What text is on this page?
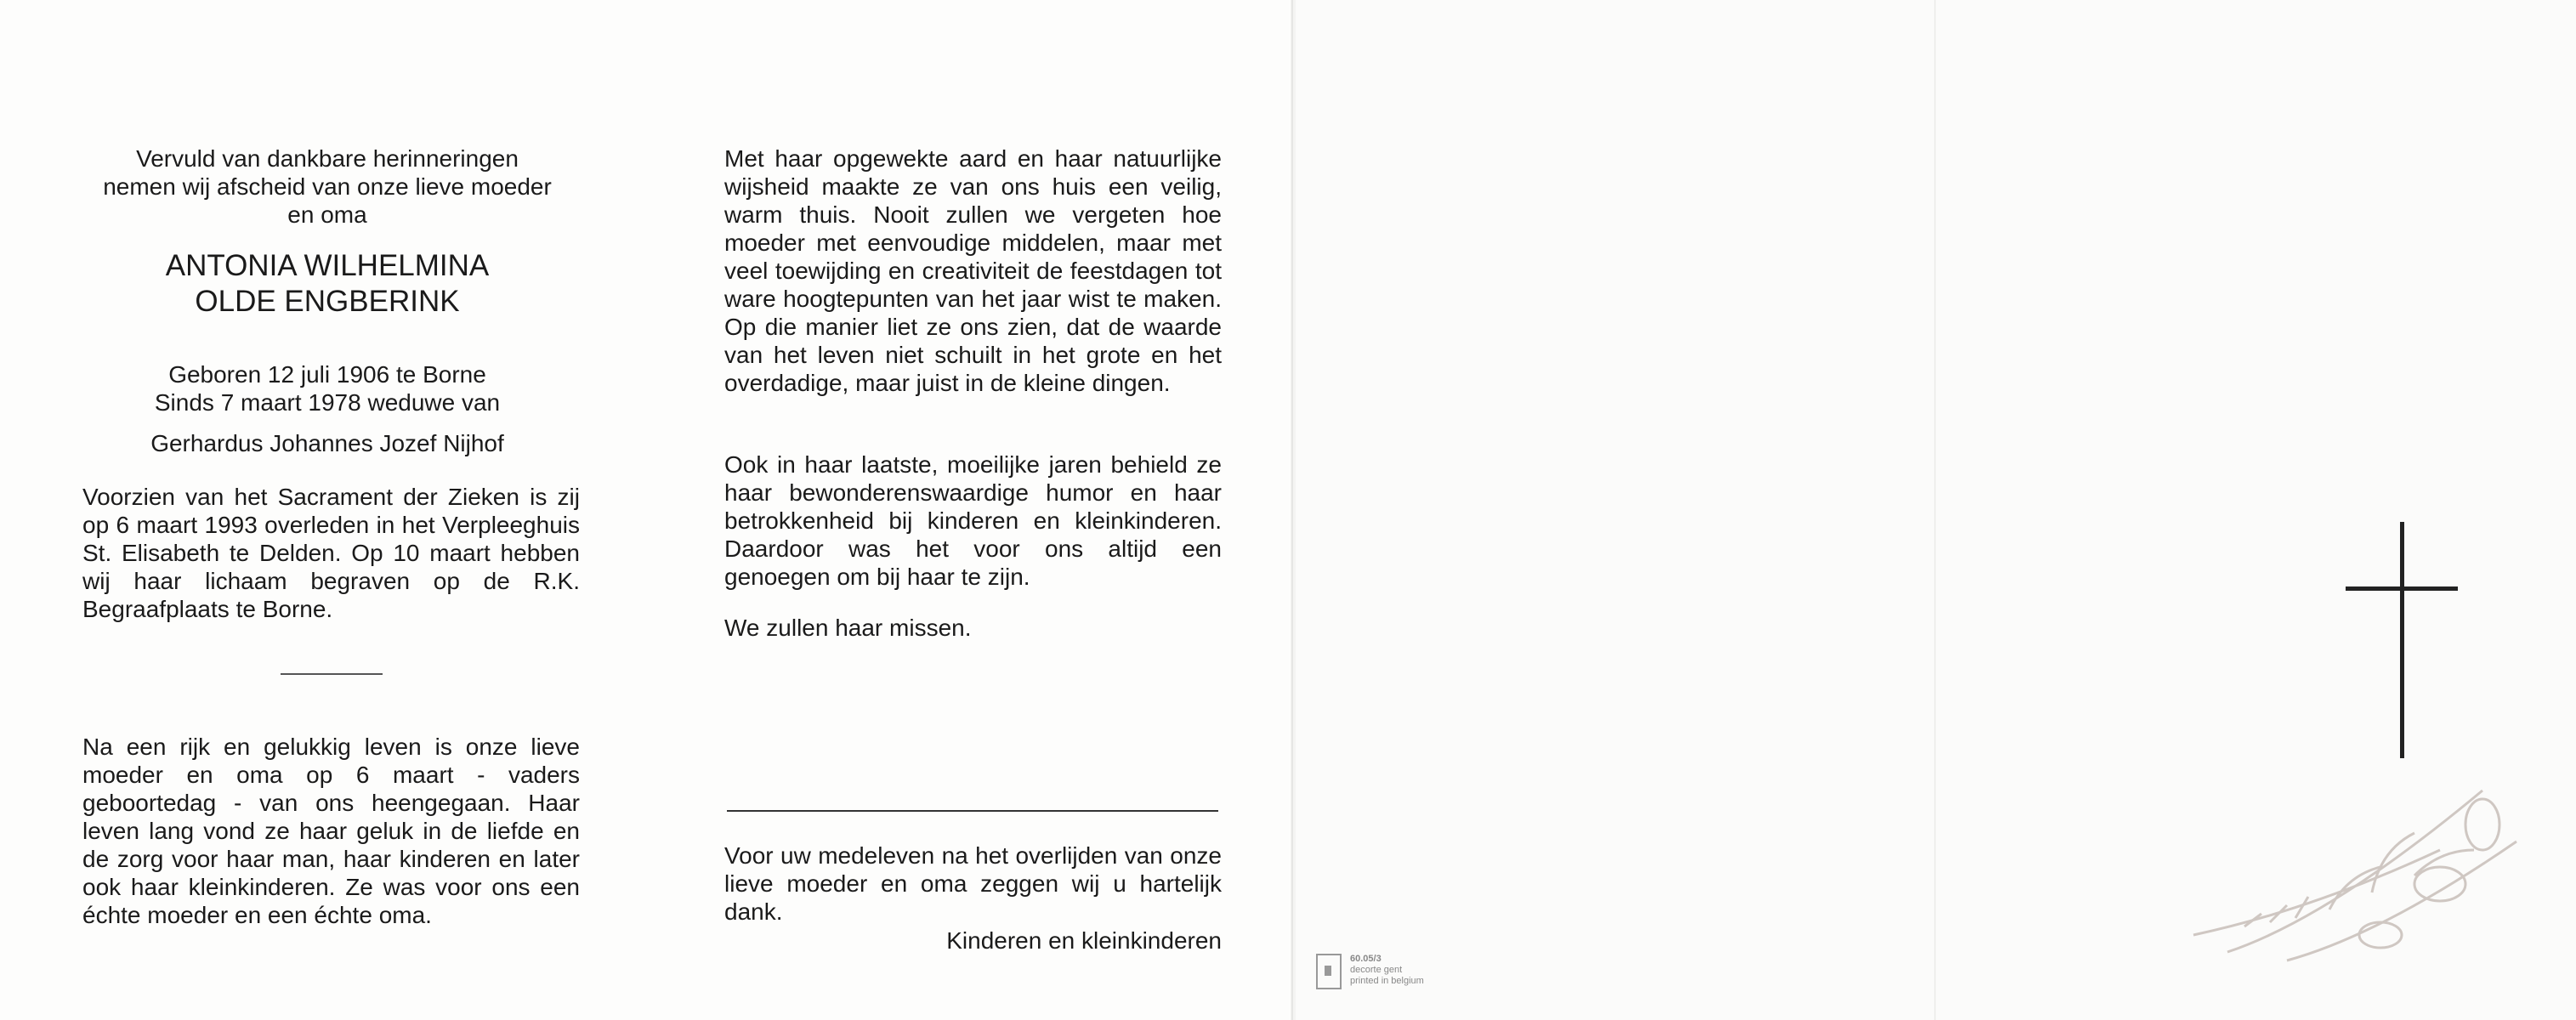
Vervuld van dankbare herinneringen
nemen wij afscheid van onze lieve moeder
en oma
ANTONIA WILHELMINA
OLDE ENGBERINK
Geboren 12 juli 1906 te Borne
Sinds 7 maart 1978 weduwe van
Gerhardus Johannes Jozef Nijhof
Voorzien van het Sacrament der Zieken is zij op 6 maart 1993 overleden in het Verpleeghuis St. Elisabeth te Delden. Op 10 maart hebben wij haar lichaam begraven op de R.K. Begraafplaats te Borne.
Na een rijk en gelukkig leven is onze lieve moeder en oma op 6 maart - vaders geboortedag - van ons heengegaan. Haar leven lang vond ze haar geluk in de liefde en de zorg voor haar man, haar kinderen en later ook haar kleinkinderen. Ze was voor ons een échte moeder en een échte oma.
Met haar opgewekte aard en haar natuurlijke wijsheid maakte ze van ons huis een veilig, warm thuis. Nooit zullen we vergeten hoe moeder met eenvoudige middelen, maar met veel toewijding en creativiteit de feestdagen tot ware hoogtepunten van het jaar wist te maken. Op die manier liet ze ons zien, dat de waarde van het leven niet schuilt in het grote en het overdadige, maar juist in de kleine dingen.
Ook in haar laatste, moeilijke jaren behield ze haar bewonderenswaardige humor en haar betrokkenheid bij kinderen en kleinkinderen. Daardoor was het voor ons altijd een genoegen om bij haar te zijn.
We zullen haar missen.
Voor uw medeleven na het overlijden van onze lieve moeder en oma zeggen wij u hartelijk dank.
Kinderen en kleinkinderen
60.05/3
decorte gent
printed in belgium
